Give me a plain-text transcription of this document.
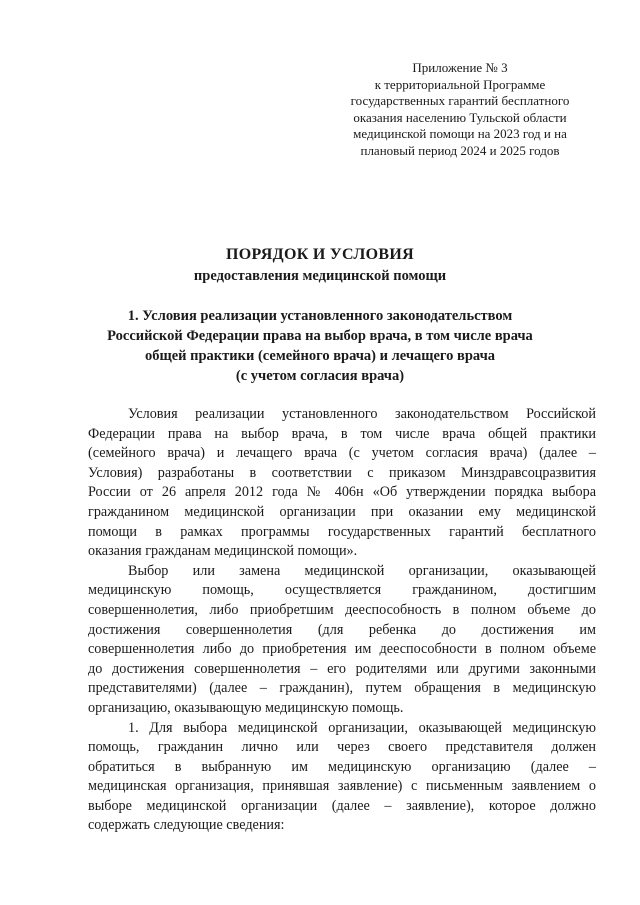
Приложение № 3
к территориальной Программе
государственных гарантий бесплатного
оказания населению Тульской области
медицинской помощи на 2023 год и на
плановый период 2024 и 2025 годов
ПОРЯДОК И УСЛОВИЯ
предоставления медицинской помощи
1. Условия реализации установленного законодательством
Российской Федерации права на выбор врача, в том числе врача
общей практики (семейного врача) и лечащего врача
(с учетом согласия врача)
Условия реализации установленного законодательством Российской
Федерации права на выбор врача, в том числе врача общей практики
(семейного врача) и лечащего врача (с учетом согласия врача) (далее –
Условия) разработаны в соответствии с приказом Минздравсоцразвития
России от 26 апреля 2012 года № 406н «Об утверждении порядка выбора
гражданином медицинской организации при оказании ему медицинской
помощи в рамках программы государственных гарантий бесплатного
оказания гражданам медицинской помощи».
Выбор или замена медицинской организации, оказывающей
медицинскую помощь, осуществляется гражданином, достигшим
совершеннолетия, либо приобретшим дееспособность в полном объеме до
достижения совершеннолетия (для ребенка до достижения им
совершеннолетия либо до приобретения им дееспособности в полном объеме
до достижения совершеннолетия – его родителями или другими законными
представителями) (далее – гражданин), путем обращения в медицинскую
организацию, оказывающую медицинскую помощь.
1. Для выбора медицинской организации, оказывающей медицинскую
помощь, гражданин лично или через своего представителя должен
обратиться в выбранную им медицинскую организацию (далее –
медицинская организация, принявшая заявление) с письменным заявлением о
выборе медицинской организации (далее – заявление), которое должно
содержать следующие сведения:
